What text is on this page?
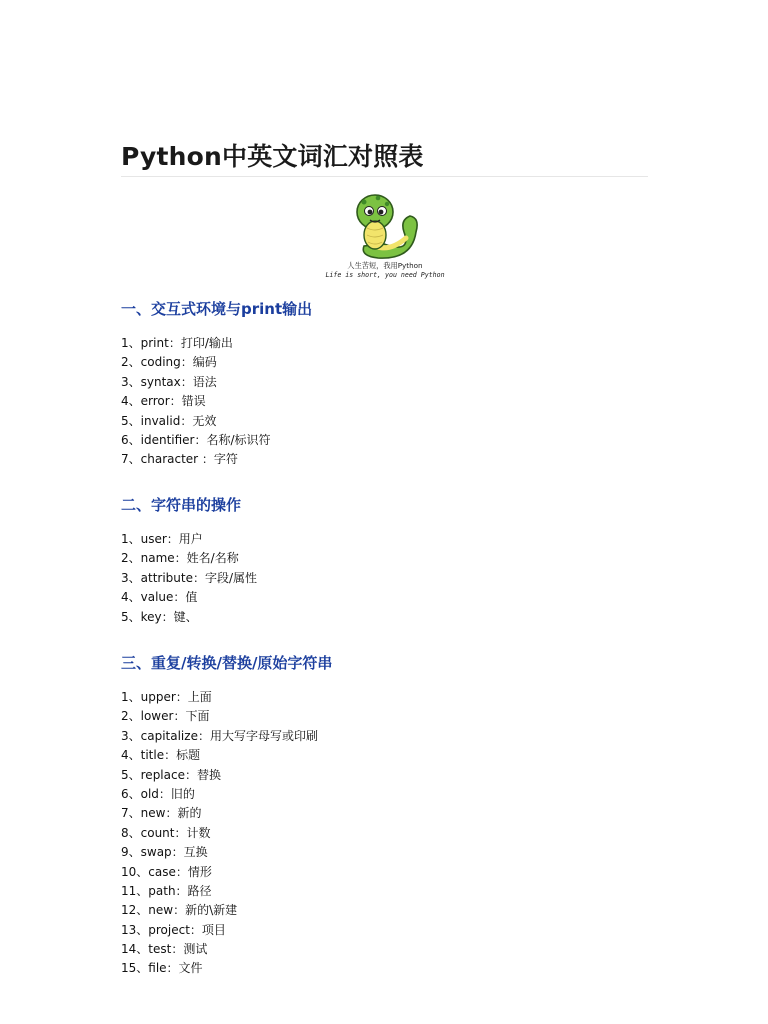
Python中英文词汇对照表
人生苦短，我用Python
Life is short, you need Python
一、交互式环境与print输出
1、print：打印/输出
2、coding：编码
3、syntax：语法
4、error：错误
5、invalid：无效
6、identifier：名称/标识符
7、character ：字符
二、字符串的操作
1、user：用户
2、name：姓名/名称
3、attribute：字段/属性
4、value：值
5、key：键、
三、重复/转换/替换/原始字符串
1、upper：上面
2、lower：下面
3、capitalize：用大写字母写或印刷
4、title：标题
5、replace：替换
6、old：旧的
7、new：新的
8、count：计数
9、swap：互换
10、case：情形
11、path：路径
12、new：新的\新建
13、project：项目
14、test：测试
15、file：文件
